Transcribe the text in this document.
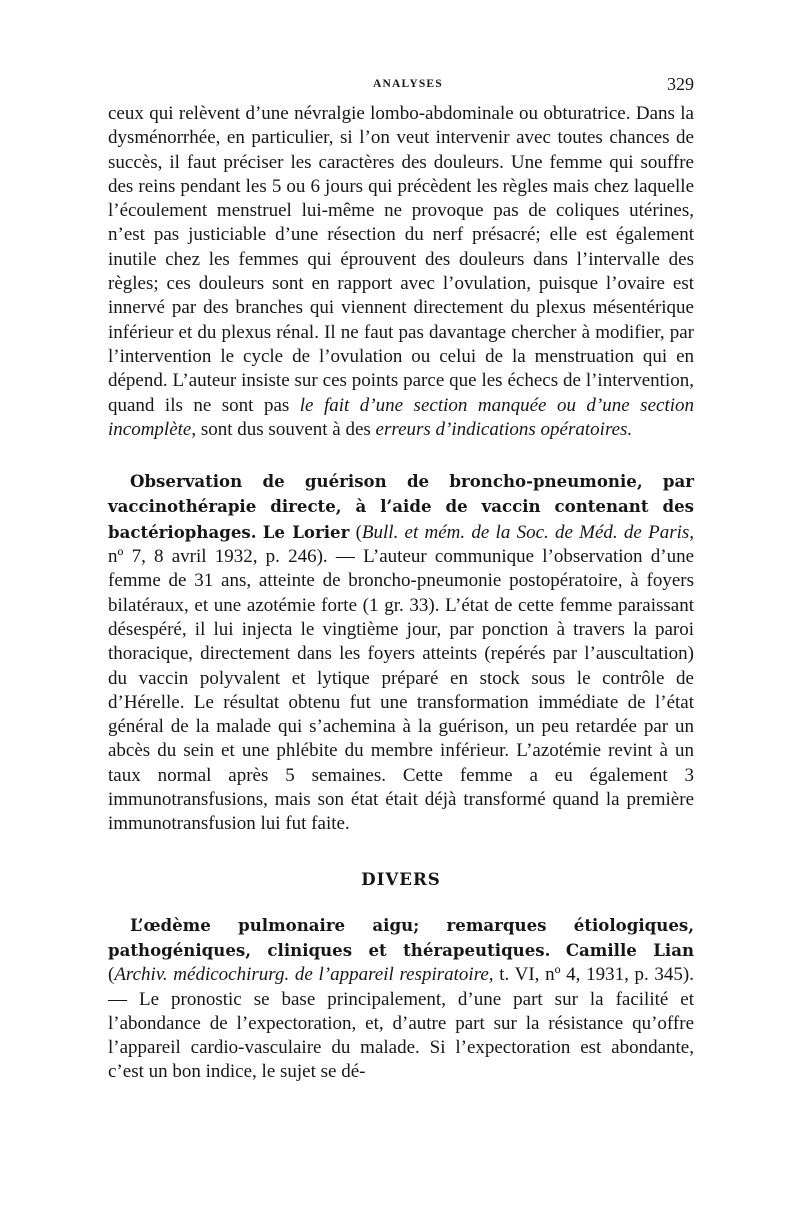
ANALYSES	329

ceux qui relèvent d’une névralgie lombo-abdominale ou obturatrice. Dans la dysménorrhée, en particulier, si l’on veut intervenir avec toutes chances de succès, il faut préciser les caractères des douleurs. Une femme qui souffre des reins pendant les 5 ou 6 jours qui précèdent les règles mais chez laquelle l’écoulement menstruel lui-même ne provoque pas de coliques utérines, n’est pas justiciable d’une résection du nerf présacré; elle est également inutile chez les femmes qui éprouvent des douleurs dans l’intervalle des règles; ces douleurs sont en rapport avec l’ovulation, puisque l’ovaire est innervé par des branches qui viennent directement du plexus mésentérique inférieur et du plexus rénal. Il ne faut pas davantage chercher à modifier, par l’intervention le cycle de l’ovulation ou celui de la menstruation qui en dépend. L’auteur insiste sur ces points parce que les échecs de l’intervention, quand ils ne sont pas le fait d’une section manquée ou d’une section incomplète, sont dus souvent à des erreurs d’indications opératoires.

Observation de guérison de broncho-pneumonie, par vaccinothérapie directe, à l’aide de vaccin contenant des bactériophages. Le Lorier (Bull. et mém. de la Soc. de Méd. de Paris, nº 7, 8 avril 1932, p. 246). — L’auteur communique l’observation d’une femme de 31 ans, atteinte de broncho-pneumonie postopératoire, à foyers bilatéraux, et une azotémie forte (1 gr. 33). L’état de cette femme paraissant désespéré, il lui injecta le vingtième jour, par ponction à travers la paroi thoracique, directement dans les foyers atteints (repérés par l’auscultation) du vaccin polyvalent et lytique préparé en stock sous le contrôle de d’Hérelle. Le résultat obtenu fut une transformation immédiate de l’état général de la malade qui s’achemina à la guérison, un peu retardée par un abcès du sein et une phlébite du membre inférieur. L’azotémie revint à un taux normal après 5 semaines. Cette femme a eu également 3 immunotransfusions, mais son état était déjà transformé quand la première immunotransfusion lui fut faite.

DIVERS

L’œdème pulmonaire aigu; remarques étiologiques, pathogéniques, cliniques et thérapeutiques. Camille Lian (Archiv. médicochirurg. de l’appareil respiratoire, t. VI, nº 4, 1931, p. 345). — Le pronostic se base principalement, d’une part sur la facilité et l’abondance de l’expectoration, et, d’autre part sur la résistance qu’offre l’appareil cardio-vasculaire du malade. Si l’expectoration est abondante, c’est un bon indice, le sujet se dé-
